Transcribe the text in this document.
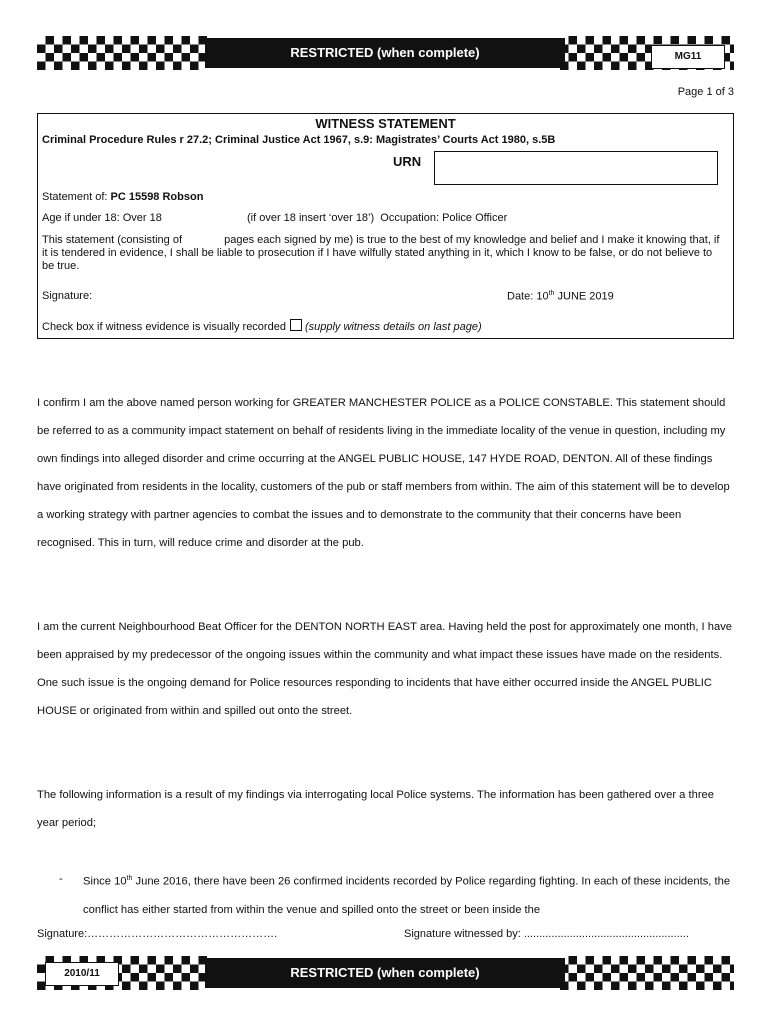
RESTRICTED (when complete)	MG11
Page 1 of 3
WITNESS STATEMENT
Criminal Procedure Rules r 27.2; Criminal Justice Act 1967, s.9: Magistrates’ Courts Act 1980, s.5B
URN
Statement of: PC 15598 Robson
Age if under 18: Over 18	(if over 18 insert ‘over 18’) Occupation: Police Officer
This statement (consisting of	pages each signed by me) is true to the best of my knowledge and belief and I make it knowing that, if it is tendered in evidence, I shall be liable to prosecution if I have wilfully stated anything in it, which I know to be false, or do not believe to be true.
Signature:	Date: 10th JUNE 2019
Check box if witness evidence is visually recorded (supply witness details on last page)

I confirm I am the above named person working for GREATER MANCHESTER POLICE as a POLICE CONSTABLE. This statement should be referred to as a community impact statement on behalf of residents living in the immediate locality of the venue in question, including my own findings into alleged disorder and crime occurring at the ANGEL PUBLIC HOUSE, 147 HYDE ROAD, DENTON. All of these findings have originated from residents in the locality, customers of the pub or staff members from within. The aim of this statement will be to develop a working strategy with partner agencies to combat the issues and to demonstrate to the community that their concerns have been recognised. This in turn, will reduce crime and disorder at the pub.

I am the current Neighbourhood Beat Officer for the DENTON NORTH EAST area. Having held the post for approximately one month, I have been appraised by my predecessor of the ongoing issues within the community and what impact these issues have made on the residents. One such issue is the ongoing demand for Police resources responding to incidents that have either occurred inside the ANGEL PUBLIC HOUSE or originated from within and spilled out onto the street.

The following information is a result of my findings via interrogating local Police systems. The information has been gathered over a three year period;

- Since 10th June 2016, there have been 26 confirmed incidents recorded by Police regarding fighting. In each of these incidents, the conflict has either started from within the venue and spilled onto the street or been inside the
Signature:…………………………………………….	Signature witnessed by: ......................................................
RESTRICTED (when complete)
2010/11
